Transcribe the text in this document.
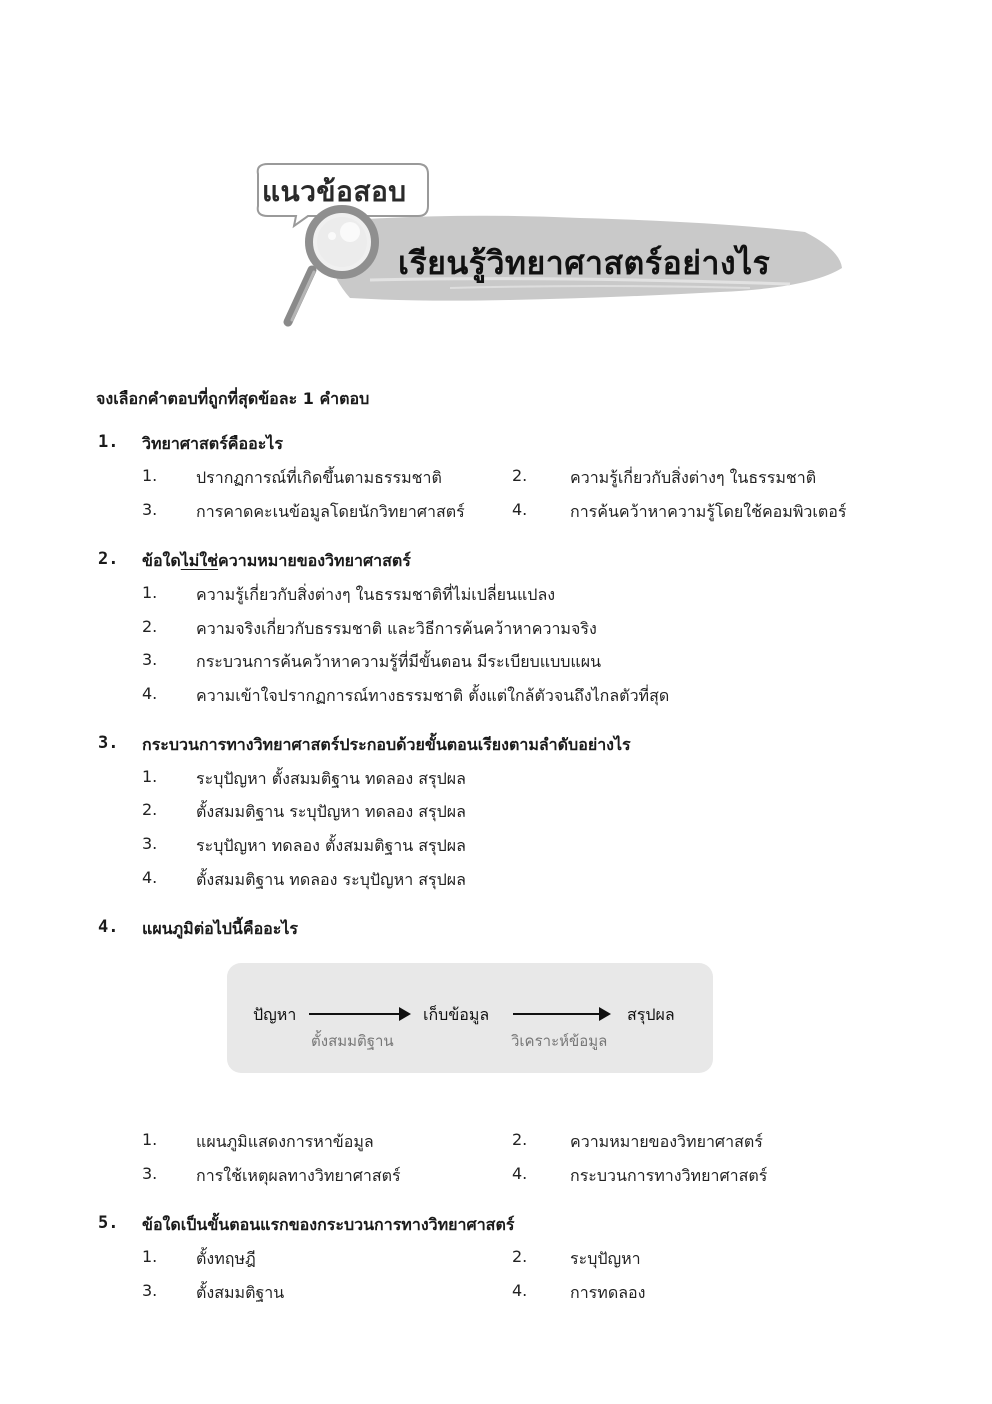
แนวข้อสอบ
เรียนรู้วิทยาศาสตร์อย่างไร
จงเลือกคำตอบที่ถูกที่สุดข้อละ 1 คำตอบ
1. วิทยาศาสตร์คืออะไร
1. ปรากฏการณ์ที่เกิดขึ้นตามธรรมชาติ	2.	ความรู้เกี่ยวกับสิ่งต่างๆ ในธรรมชาติ
3. การคาดคะเนข้อมูลโดยนักวิทยาศาสตร์	4.	การค้นคว้าหาความรู้โดยใช้คอมพิวเตอร์
2. ข้อใดไม่ใช่ความหมายของวิทยาศาสตร์
1. ความรู้เกี่ยวกับสิ่งต่างๆ ในธรรมชาติที่ไม่เปลี่ยนแปลง
2. ความจริงเกี่ยวกับธรรมชาติ และวิธีการค้นคว้าหาความจริง
3. กระบวนการค้นคว้าหาความรู้ที่มีขั้นตอน มีระเบียบแบบแผน
4. ความเข้าใจปรากฏการณ์ทางธรรมชาติ ตั้งแต่ใกล้ตัวจนถึงไกลตัวที่สุด
3. กระบวนการทางวิทยาศาสตร์ประกอบด้วยขั้นตอนเรียงตามลำดับอย่างไร
1. ระบุปัญหา ตั้งสมมติฐาน ทดลอง สรุปผล
2. ตั้งสมมติฐาน ระบุปัญหา ทดลอง สรุปผล
3. ระบุปัญหา ทดลอง ตั้งสมมติฐาน สรุปผล
4. ตั้งสมมติฐาน ทดลอง ระบุปัญหา สรุปผล
4. แผนภูมิต่อไปนี้คืออะไร
ปัญหา
ตั้งสมมติฐาน
เก็บข้อมูล
วิเคราะห์ข้อมูล
สรุปผล
1. แผนภูมิแสดงการหาข้อมูล	2.	ความหมายของวิทยาศาสตร์
3. การใช้เหตุผลทางวิทยาศาสตร์	4.	กระบวนการทางวิทยาศาสตร์
5. ข้อใดเป็นขั้นตอนแรกของกระบวนการทางวิทยาศาสตร์
1. ตั้งทฤษฎี	2.	ระบุปัญหา
3. ตั้งสมมติฐาน	4.	การทดลอง
